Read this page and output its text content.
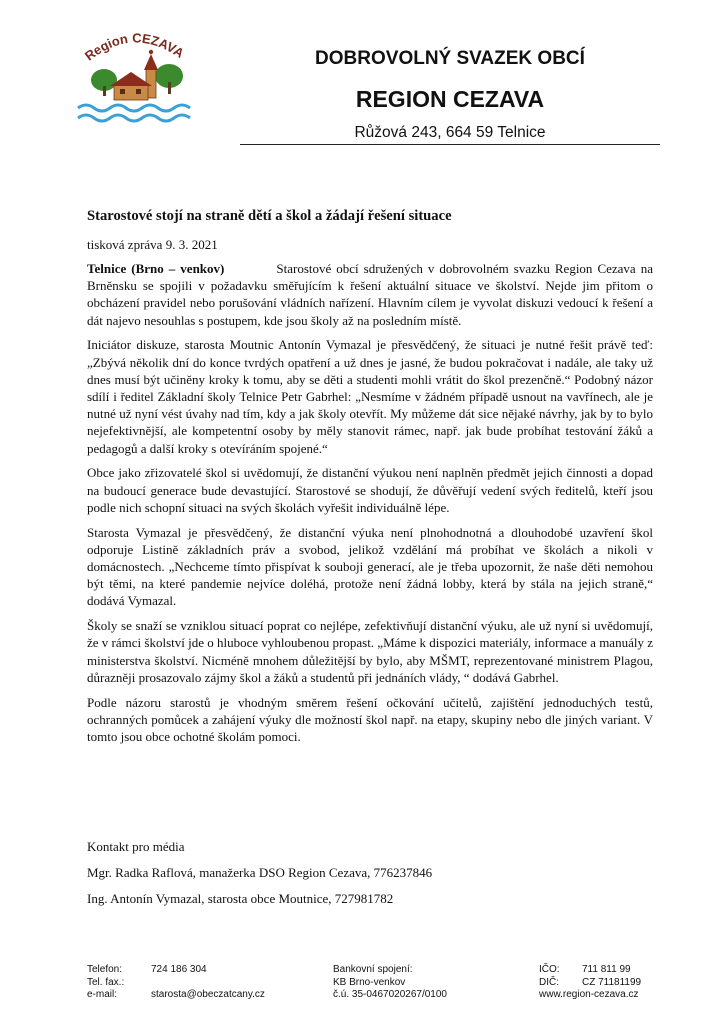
Region CEZAVA	DOBROVOLNÝ SVAZEK OBCÍ
REGION CEZAVA
Růžová 243, 664 59 Telnice
Starostové stojí na straně dětí a škol a žádají řešení situace
tisková zpráva 9. 3. 2021

Telnice (Brno – venkov)	Starostové obcí sdružených v dobrovolném svazku Region Cezava na Brněnsku se spojili v požadavku směřujícím k řešení aktuální situace ve školství. Nejde jim přitom o obcházení pravidel nebo porušování vládních nařízení. Hlavním cílem je vyvolat diskuzi vedoucí k řešení a dát najevo nesouhlas s postupem, kde jsou školy až na posledním místě.

Iniciátor diskuze, starosta Moutnic Antonín Vymazal je přesvědčený, že situaci je nutné řešit právě teď: „Zbývá několik dní do konce tvrdých opatření a už dnes je jasné, že budou pokračovat i nadále, ale taky už dnes musí být učiněny kroky k tomu, aby se děti a studenti mohli vrátit do škol prezenčně.“ Podobný názor sdílí i ředitel Základní školy Telnice Petr Gabrhel: „Nesmíme v žádném případě usnout na vavřínech, ale je nutné už nyní vést úvahy nad tím, kdy a jak školy otevřít. My můžeme dát sice nějaké návrhy, jak by to bylo nejefektivnější, ale kompetentní osoby by měly stanovit rámec, např. jak bude probíhat testování žáků a pedagogů a další kroky s otevíráním spojené.“

Obce jako zřizovatelé škol si uvědomují, že distanční výukou není naplněn předmět jejich činnosti a dopad na budoucí generace bude devastující. Starostové se shodují, že důvěřují vedení svých ředitelů, kteří jsou podle nich schopní situaci na svých školách vyřešit individuálně lépe.

Starosta Vymazal je přesvědčený, že distanční výuka není plnohodnotná a dlouhodobé uzavření škol odporuje Listině základních práv a svobod, jelikož vzdělání má probíhat ve školách a nikoli v domácnostech. „Nechceme tímto přispívat k souboji generací, ale je třeba upozornit, že naše děti nemohou být těmi, na které pandemie nejvíce doléhá, protože není žádná lobby, která by stála na jejich straně,“ dodává Vymazal.

Školy se snaží se vzniklou situací poprat co nejlépe, zefektivňují distanční výuku, ale už nyní si uvědomují, že v rámci školství jde o hluboce vyhloubenou propast. „Máme k dispozici materiály, informace a manuály z ministerstva školství. Nicméně mnohem důležitější by bylo, aby MŠMT, reprezentované ministrem Plagou, důrazněji prosazovalo zájmy škol a žáků a studentů při jednáních vlády, “ dodává Gabrhel.

Podle názoru starostů je vhodným směrem řešení očkování učitelů, zajištění jednoduchých testů, ochranných pomůcek a zahájení výuky dle možností škol např. na etapy, skupiny nebo dle jiných variant. V tomto jsou obce ochotné školám pomoci.

Kontakt pro média
Mgr. Radka Raflová, manažerka DSO Region Cezava, 776237846
Ing. Antonín Vymazal, starosta obce Moutnice, 727981782
Telefon:	724 186 304
Tel. fax.:
e-mail:	starosta@obeczatcany.cz
Bankovní spojení:
KB Brno-venkov
č.ú. 35-0467020267/0100
IČO: 711 811 99
DIČ: CZ 71181199
www.region-cezava.cz
